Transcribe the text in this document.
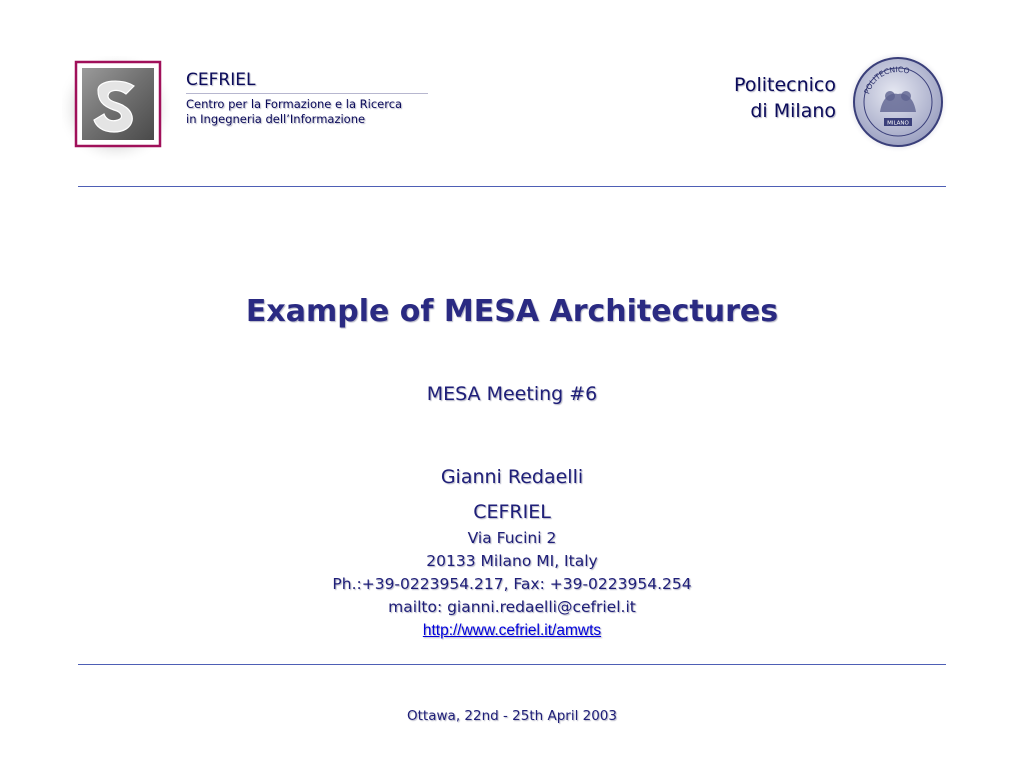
CEFRIEL
Centro per la Formazione e la Ricerca
in Ingegneria dell’Informazione
Politecnico
di Milano
POLITECNICO
MILANO
Example of MESA Architectures
MESA Meeting #6
Gianni Redaelli
CEFRIEL
Via Fucini 2
20133 Milano MI, Italy
Ph.:+39-0223954.217, Fax: +39-0223954.254
mailto: gianni.redaelli@cefriel.it
http://www.cefriel.it/amwts
Ottawa, 22nd - 25th April 2003
